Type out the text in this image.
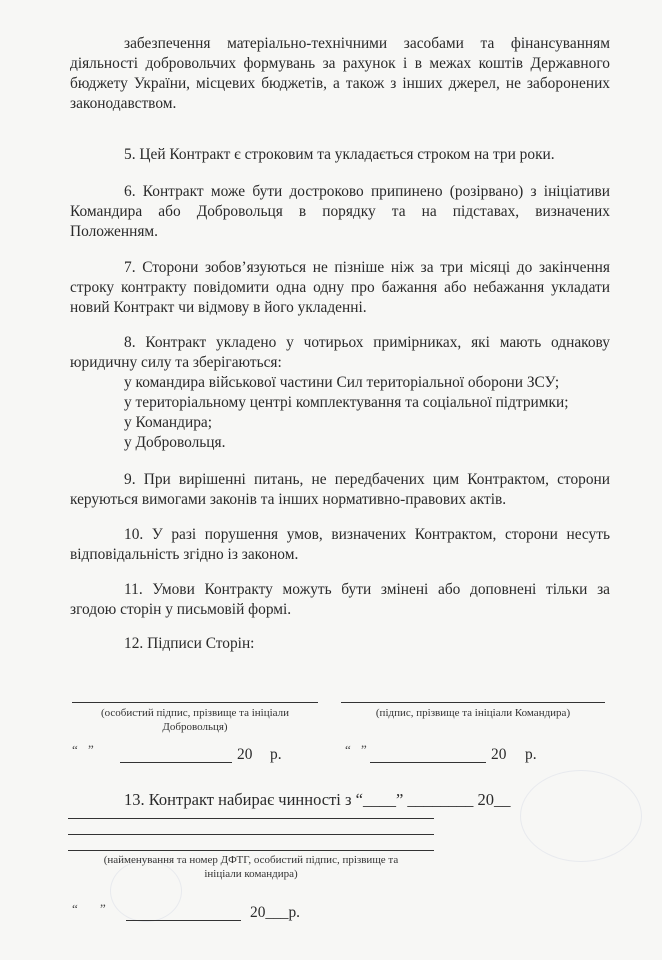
забезпечення матеріально-технічними засобами та фінансуванням
діяльності добровольчих формувань за рахунок і в межах коштів Державного
бюджету України, місцевих бюджетів, а також з інших джерел, не заборонених
законодавством.
5. Цей Контракт є строковим та укладається строком на три роки.
6. Контракт може бути достроково припинено (розірвано) з ініціативи
Командира або Добровольця в порядку та на підставах, визначених
Положенням.
7. Сторони зобов’язуються не пізніше ніж за три місяці до закінчення
строку контракту повідомити одна одну про бажання або небажання укладати
новий Контракт чи відмову в його укладенні.
8. Контракт укладено у чотирьох примірниках, які мають однакову
юридичну силу та зберігаються:
у командира військової частини Сил територіальної оборони ЗСУ;
у територіальному центрі комплектування та соціальної підтримки;
у Командира;
у Добровольця.
9. При вирішенні питань, не передбачених цим Контрактом, сторони
керуються вимогами законів та інших нормативно-правових актів.
10. У разі порушення умов, визначених Контрактом, сторони несуть
відповідальність згідно із законом.
11. Умови Контракту можуть бути змінені або доповнені тільки за
згодою сторін у письмовій формі.
12. Підписи Сторін:
(особистий підпис, прізвище та ініціали
Добровольця)
(підпис, прізвище та ініціали Командира)
“ ”	20 р.	“ ”	20 р.
13. Контракт набирає чинності з “____” ________ 20__
(найменування та номер ДФТГ, особистий підпис, прізвище та
ініціали командира)
“ ”	20___р.
